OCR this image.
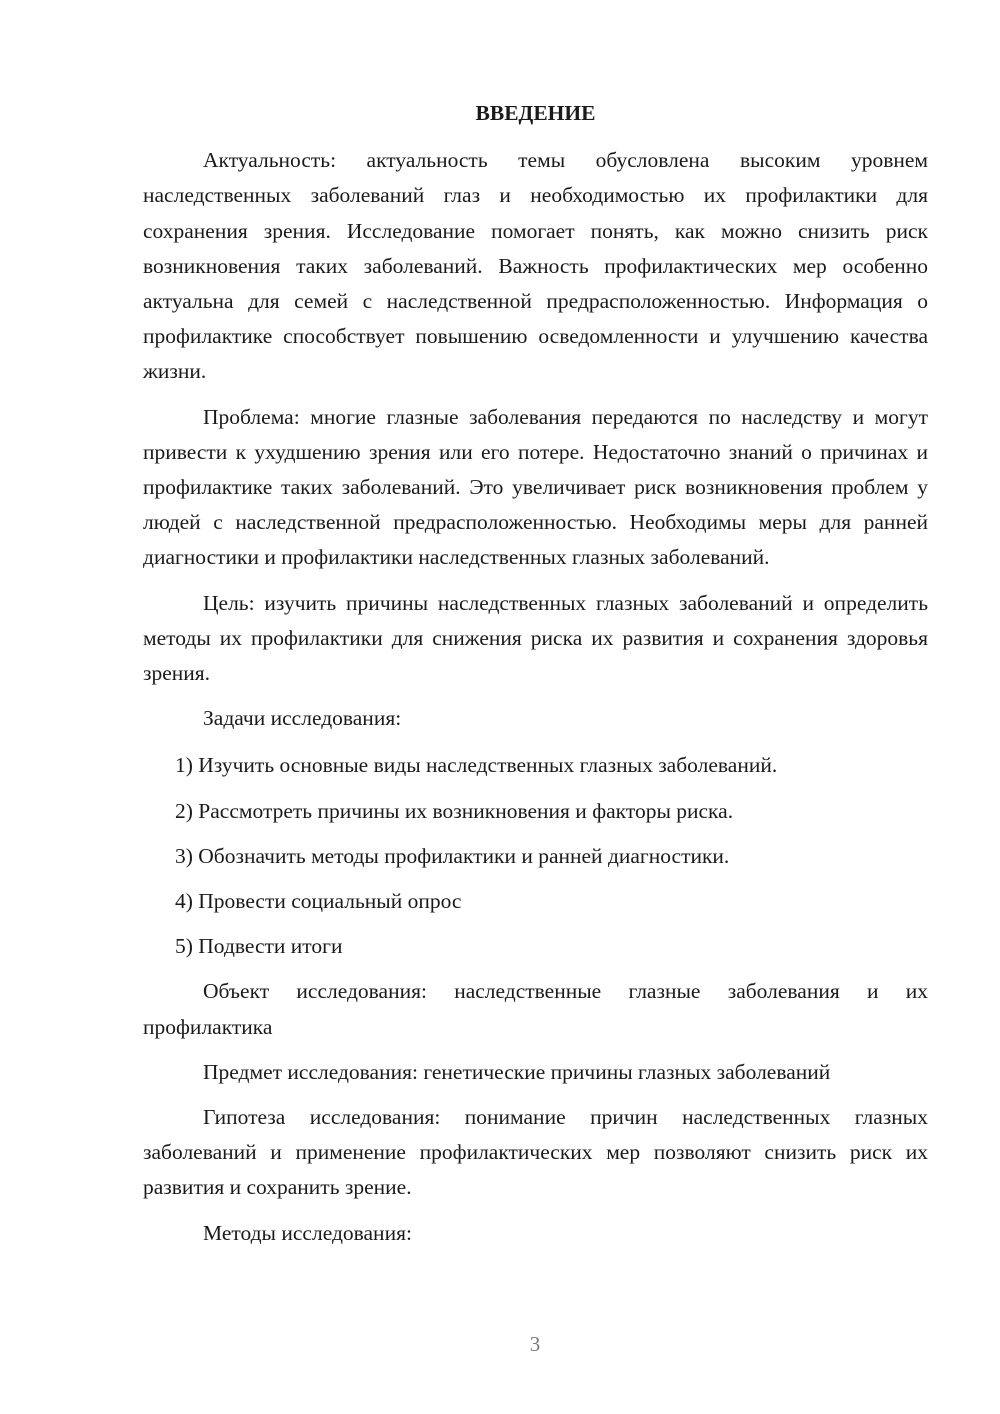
ВВЕДЕНИЕ

Актуальность: актуальность темы обусловлена высоким уровнем наследственных заболеваний глаз и необходимостью их профилактики для сохранения зрения. Исследование помогает понять, как можно снизить риск возникновения таких заболеваний. Важность профилактических мер особенно актуальна для семей с наследственной предрасположенностью. Информация о профилактике способствует повышению осведомленности и улучшению качества жизни.

Проблема: многие глазные заболевания передаются по наследству и могут привести к ухудшению зрения или его потере. Недостаточно знаний о причинах и профилактике таких заболеваний. Это увеличивает риск возникновения проблем у людей с наследственной предрасположенностью. Необходимы меры для ранней диагностики и профилактики наследственных глазных заболеваний.

Цель: изучить причины наследственных глазных заболеваний и определить методы их профилактики для снижения риска их развития и сохранения здоровья зрения.

Задачи исследования:

1) Изучить основные виды наследственных глазных заболеваний.
2) Рассмотреть причины их возникновения и факторы риска.
3) Обозначить методы профилактики и ранней диагностики.
4) Провести социальный опрос
5) Подвести итоги

Объект исследования: наследственные глазные заболевания и их профилактика

Предмет исследования: генетические причины глазных заболеваний

Гипотеза исследования: понимание причин наследственных глазных заболеваний и применение профилактических мер позволяют снизить риск их развития и сохранить зрение.

Методы исследования:

3
